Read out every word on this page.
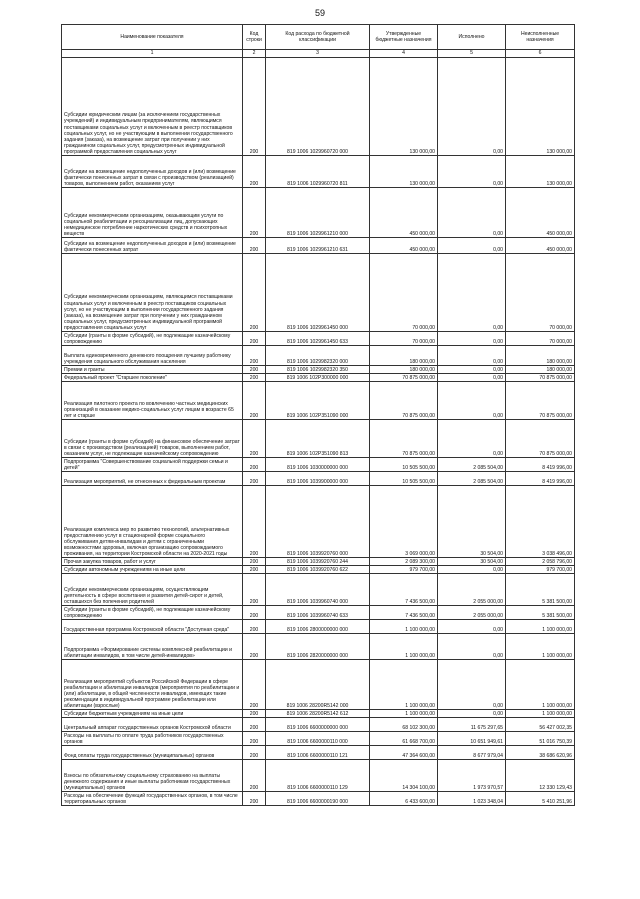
59
Наименование показателя	Код строки	Код расхода по бюджетной классификации	Утвержденные бюджетные назначения	Исполнено	Неисполненные назначения
1	2	3	4	5	6
Субсидии юридическим лицам (за исключением государственных учреждений) и индивидуальным предпринимателям, являющимся поставщиками социальных услуг и включенным в реестр поставщиков социальных услуг, но не участвующим в выполнении государственного задания (заказа), на возмещение затрат при получении у них гражданином социальных услуг, предусмотренных индивидуальной программой предоставления социальных услуг	200	819 1006 1029960720 000	130 000,00	0,00	130 000,00
Субсидии на возмещение недополученных доходов и (или) возмещение фактически понесенных затрат в связи с производством (реализацией) товаров, выполнением работ, оказанием услуг	200	819 1006 1029960720 811	130 000,00	0,00	130 000,00
Субсидии некоммерческим организациям, оказывающим услуги по социальной реабилитации и ресоциализации лиц, допускающих немедицинское потребление наркотических средств и психотропных веществ	200	819 1006 1029961210 000	450 000,00	0,00	450 000,00
Субсидии на возмещение недополученных доходов и (или) возмещение фактически понесенных затрат	200	819 1006 1029961210 631	450 000,00	0,00	450 000,00
Субсидии некоммерческим организациям, являющимся поставщиками социальных услуг и включенным в реестр поставщиков социальных услуг, но не участвующим в выполнении государственного задания (заказа), на возмещение затрат при получении у них гражданином социальных услуг, предусмотренных индивидуальной программой предоставления социальных услуг	200	819 1006 1029961450 000	70 000,00	0,00	70 000,00
Субсидии (гранты в форме субсидий), не подлежащие казначейскому сопровождению	200	819 1006 1029961450 633	70 000,00	0,00	70 000,00
Выплата единовременного денежного поощрения лучшему работнику учреждения социального обслуживания населения	200	819 1006 1029982320 000	180 000,00	0,00	180 000,00
Премии и гранты	200	819 1006 1029982320 350	180 000,00	0,00	180 000,00
Федеральный проект "Старшее поколение"	200	819 1006 102P300000 000	70 875 000,00	0,00	70 875 000,00
Реализация пилотного проекта по вовлечению частных медицинских организаций в оказание медико-социальных услуг лицам в возрасте 65 лет и старше	200	819 1006 102P351090 000	70 875 000,00	0,00	70 875 000,00
Субсидии (гранты в форме субсидий) на финансовое обеспечение затрат в связи с производством (реализацией) товаров, выполнением работ, оказанием услуг, не подлежащие казначейскому сопровождению	200	819 1006 102P351090 813	70 875 000,00	0,00	70 875 000,00
Подпрограмма "Совершенствование социальной поддержки семьи и детей"	200	819 1006 1030000000 000	10 505 500,00	2 085 504,00	8 419 996,00
Реализация мероприятий, не отнесенных к федеральным проектам	200	819 1006 1039900000 000	10 505 500,00	2 085 504,00	8 419 996,00
Реализация комплекса мер по развитию технологий, альтернативных предоставлению услуг в стационарной форме социального обслуживания детям-инвалидам и детям с ограниченными возможностями здоровья, включая организацию сопровождаемого проживания, на территории Костромской области на 2020-2021 годы	200	819 1006 1039920760 000	3 069 000,00	30 504,00	3 038 496,00
Прочая закупка товаров, работ и услуг	200	819 1006 1039920760 244	2 089 300,00	30 504,00	2 058 796,00
Субсидии автономным учреждениям на иные цели	200	819 1006 1039920760 622	979 700,00	0,00	979 700,00
Субсидии некоммерческим организациям, осуществляющим деятельность в сфере воспитания и развития детей-сирот и детей, оставшихся без попечения родителей	200	819 1006 1039960740 000	7 436 500,00	2 055 000,00	5 381 500,00
Субсидии (гранты в форме субсидий), не подлежащие казначейскому сопровождению	200	819 1006 1039960740 633	7 436 500,00	2 055 000,00	5 381 500,00
Государственная программа Костромской области "Доступная среда"	200	819 1006 2800000000 000	1 100 000,00	0,00	1 100 000,00
Подпрограмма «Формирование системы комплексной реабилитации и абилитации инвалидов, в том числе детей-инвалидов»	200	819 1006 2820000000 000	1 100 000,00	0,00	1 100 000,00
Реализация мероприятий субъектов Российской Федерации в сфере реабилитации и абилитации инвалидов (мероприятия по реабилитации и (или) абилитации, в общей численности инвалидов, имеющих такие рекомендации в индивидуальной программе реабилитации или абилитации (взрослые)	200	819 1006 28200R5142 000	1 100 000,00	0,00	1 100 000,00
Субсидии бюджетным учреждениям на иные цели	200	819 1006 28200R5142 612	1 100 000,00	0,00	1 100 000,00
Центральный аппарат государственных органов Костромской области	200	819 1006 6600000000 000	68 102 300,00	11 675 297,65	56 427 002,35
Расходы на выплаты по оплате труда работников государственных органов	200	819 1006 6600000110 000	61 668 700,00	10 651 949,61	51 016 750,39
Фонд оплаты труда государственных (муниципальных) органов	200	819 1006 6600000110 121	47 364 600,00	8 677 979,04	38 686 620,96
Взносы по обязательному социальному страхованию на выплаты денежного содержания и иные выплаты работникам государственных (муниципальных) органов	200	819 1006 6600000110 129	14 304 100,00	1 973 970,57	12 330 129,43
Расходы на обеспечение функций государственных органов, в том числе территориальных органов	200	819 1006 6600000190 000	6 433 600,00	1 023 348,04	5 410 251,96
